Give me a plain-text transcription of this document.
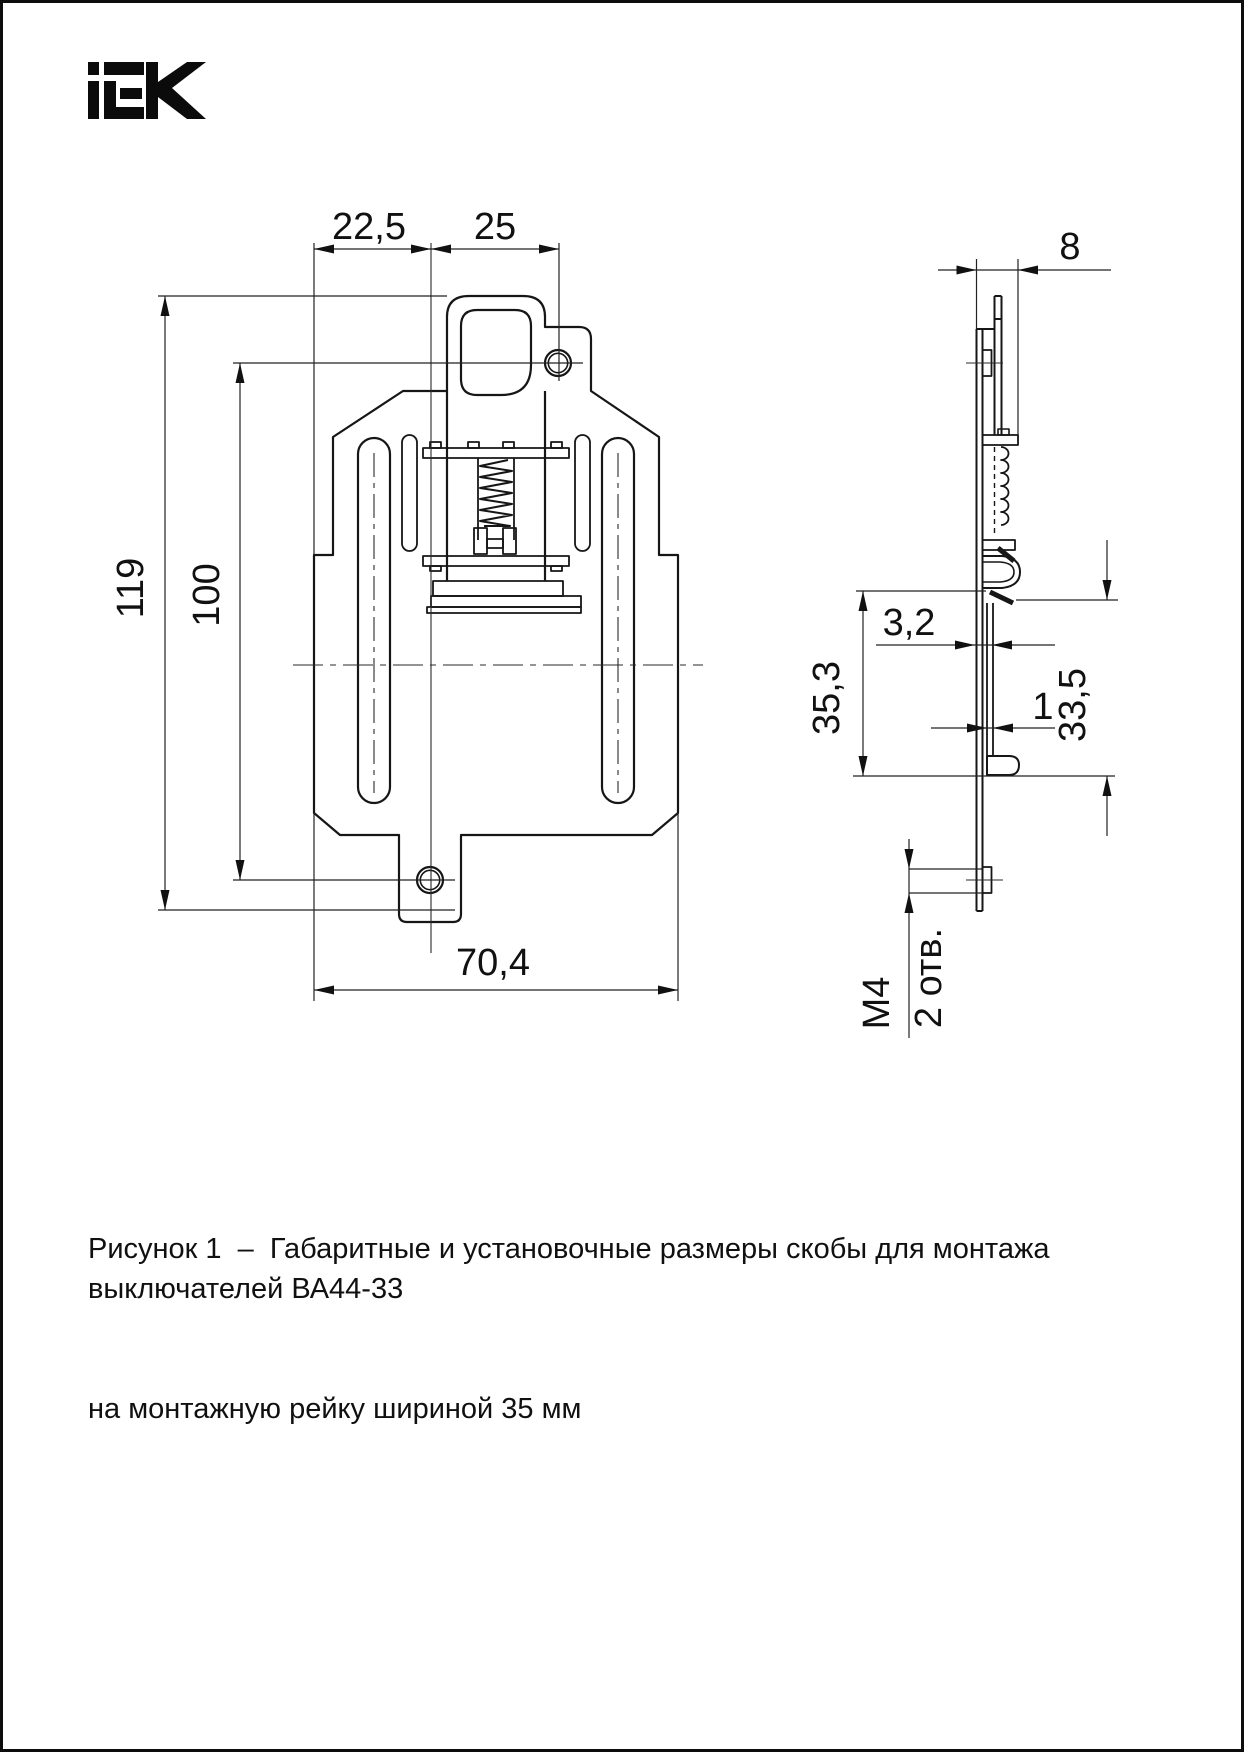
22,5 25
119 100
70,4
8
3,2
1
35,3	33,5
M4 2 отв.

Рисунок 1  –  Габаритные и установочные размеры скобы для монтажа выключателей ВА44-33

на монтажную рейку шириной 35 мм
